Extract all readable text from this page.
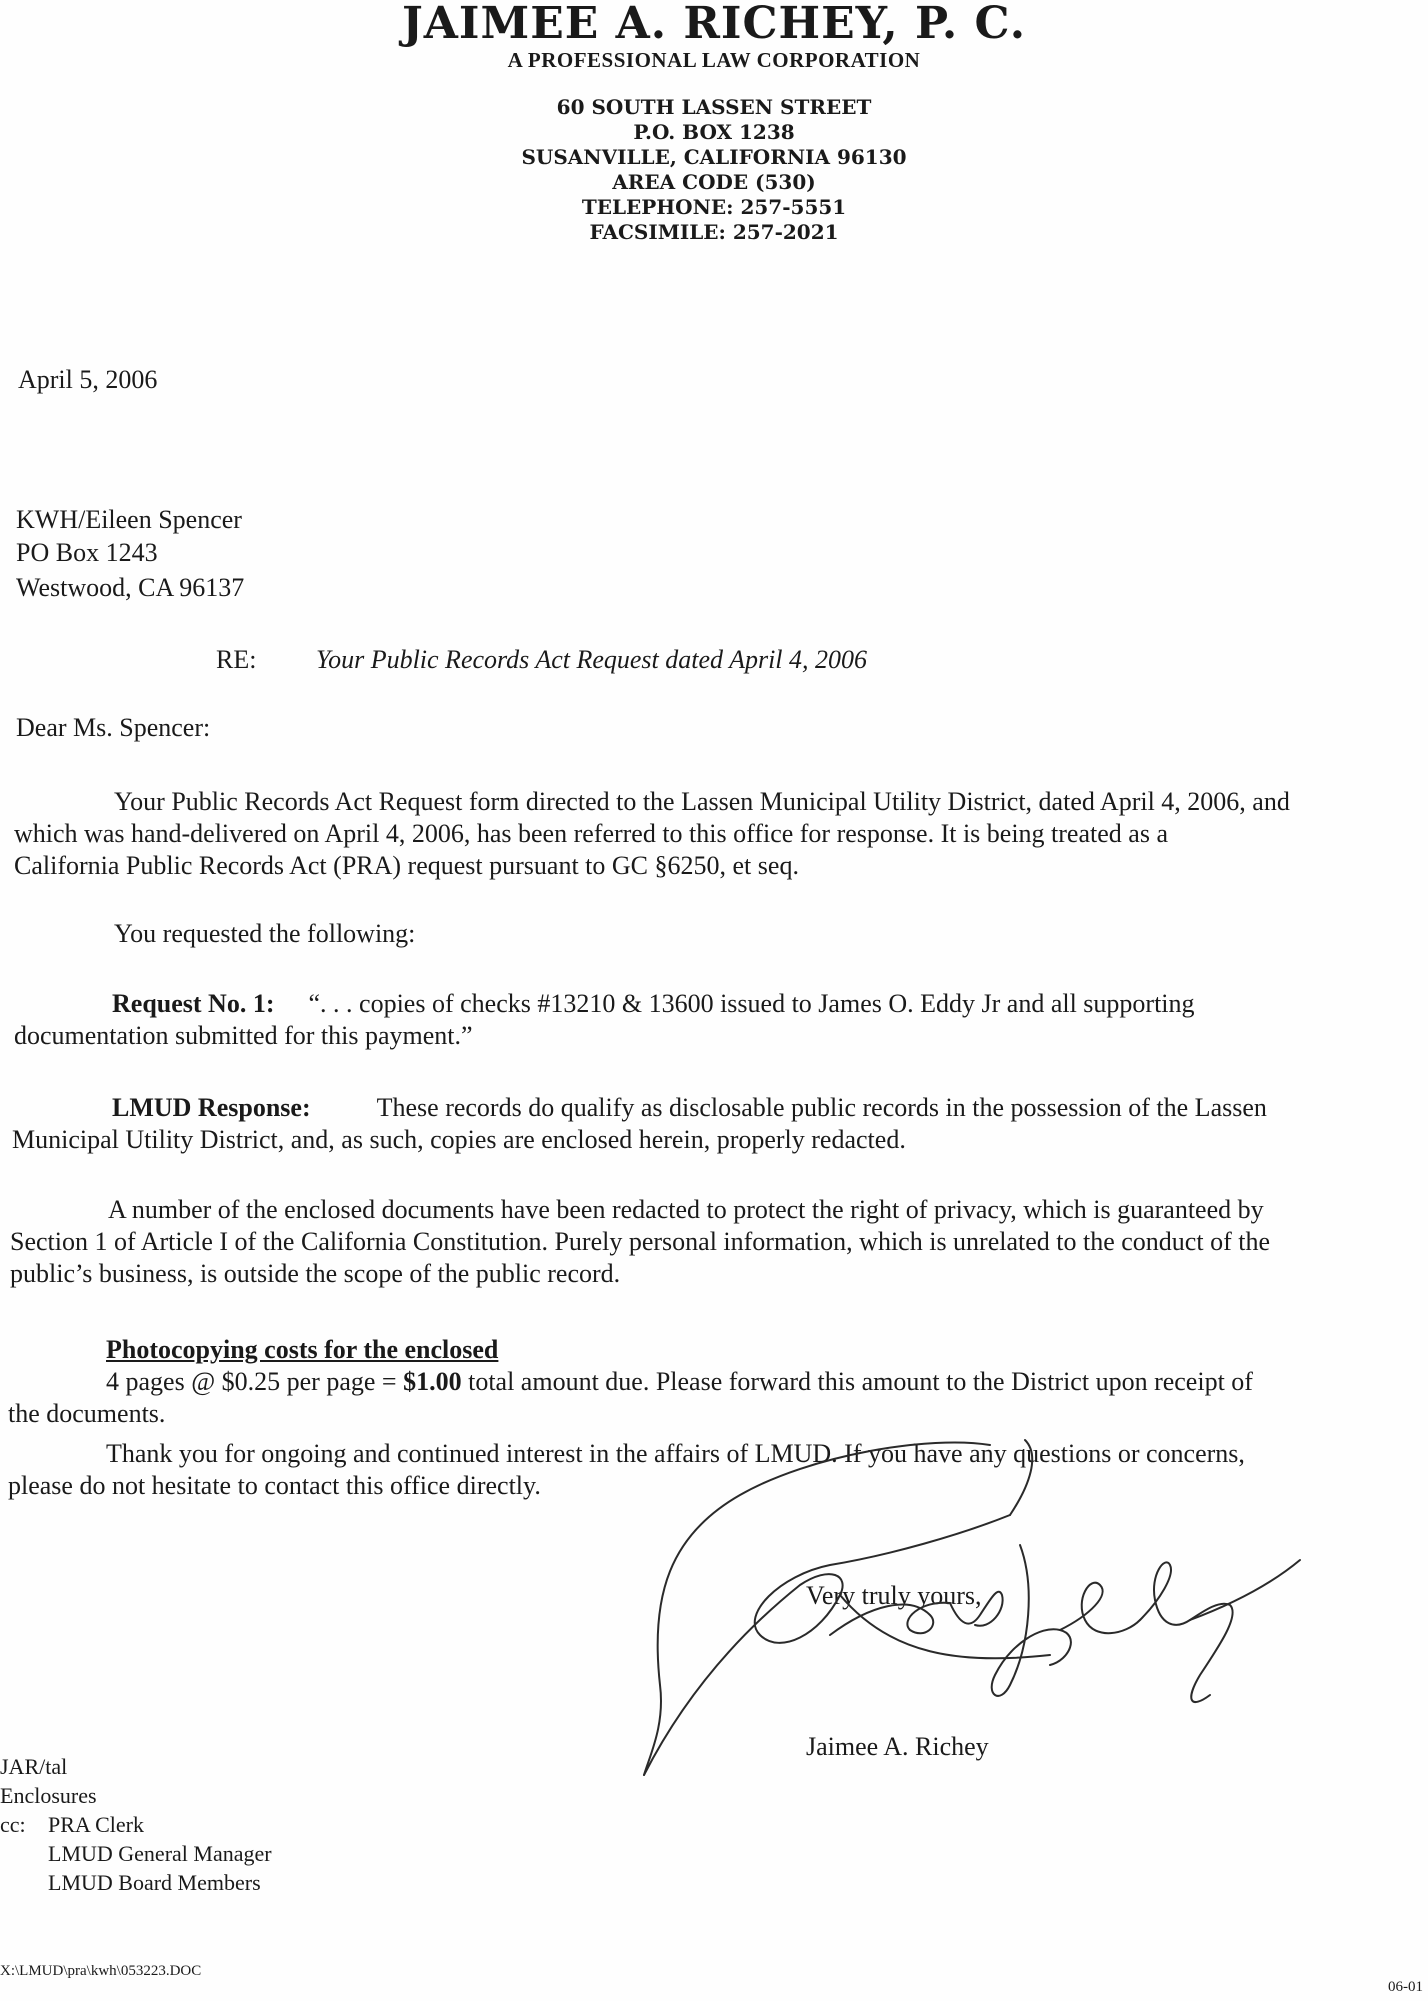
JAIMEE A. RICHEY, P. C.
A PROFESSIONAL LAW CORPORATION
60 SOUTH LASSEN STREET
P.O. BOX 1238
SUSANVILLE, CALIFORNIA 96130
AREA CODE (530)
TELEPHONE: 257-5551
FACSIMILE: 257-2021
April 5, 2006
KWH/Eileen Spencer
PO Box 1243
Westwood, CA 96137
RE: Your Public Records Act Request dated April 4, 2006
Dear Ms. Spencer:
Your Public Records Act Request form directed to the Lassen Municipal Utility District, dated April 4, 2006, and
which was hand-delivered on April 4, 2006, has been referred to this office for response. It is being treated as a
California Public Records Act (PRA) request pursuant to GC §6250, et seq.
You requested the following:
Request No. 1: “. . . copies of checks #13210 & 13600 issued to James O. Eddy Jr and all supporting
documentation submitted for this payment.”
LMUD Response:	These records do qualify as disclosable public records in the possession of the Lassen
Municipal Utility District, and, as such, copies are enclosed herein, properly redacted.
A number of the enclosed documents have been redacted to protect the right of privacy, which is guaranteed by
Section 1 of Article I of the California Constitution. Purely personal information, which is unrelated to the conduct of the
public’s business, is outside the scope of the public record.
Photocopying costs for the enclosed
4 pages @ $0.25 per page = $1.00 total amount due. Please forward this amount to the District upon receipt of
the documents.
Thank you for ongoing and continued interest in the affairs of LMUD. If you have any questions or concerns,
please do not hesitate to contact this office directly.
Very truly yours,
Jaimee A. Richey
JAR/tal
Enclosures
cc: PRA Clerk
LMUD General Manager
LMUD Board Members
X:\LMUD\pra\kwh\053223.DOC
06-01
